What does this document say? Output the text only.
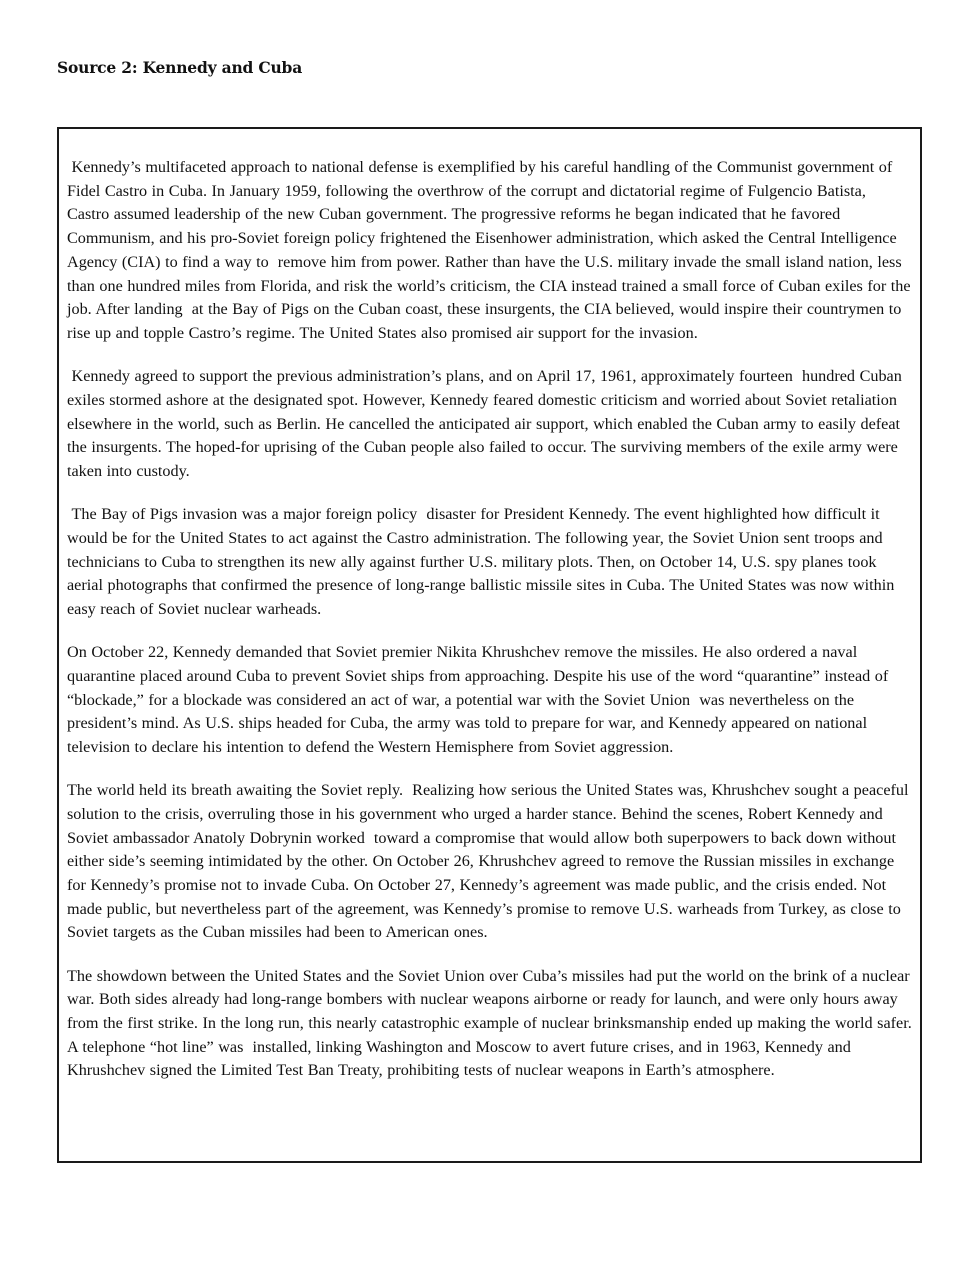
Source 2: Kennedy and Cuba

Kennedy’s multifaceted approach to national defense is exemplified by his careful handling of the Communist government of Fidel Castro in Cuba. In January 1959, following the overthrow of the corrupt and dictatorial regime of Fulgencio Batista, Castro assumed leadership of the new Cuban government. The progressive reforms he began indicated that he favored Communism, and his pro-Soviet foreign policy frightened the Eisenhower administration, which asked the Central Intelligence Agency (CIA) to find a way to  remove him from power. Rather than have the U.S. military invade the small island nation, less than one hundred miles from Florida, and risk the world’s criticism, the CIA instead trained a small force of Cuban exiles for the job. After landing  at the Bay of Pigs on the Cuban coast, these insurgents, the CIA believed, would inspire their countrymen to rise up and topple Castro’s regime. The United States also promised air support for the invasion.

Kennedy agreed to support the previous administration’s plans, and on April 17, 1961, approximately fourteen  hundred Cuban exiles stormed ashore at the designated spot. However, Kennedy feared domestic criticism and worried about Soviet retaliation elsewhere in the world, such as Berlin. He cancelled the anticipated air support, which enabled the Cuban army to easily defeat the insurgents. The hoped-for uprising of the Cuban people also failed to occur. The surviving members of the exile army were taken into custody.

The Bay of Pigs invasion was a major foreign policy  disaster for President Kennedy. The event highlighted how difficult it would be for the United States to act against the Castro administration. The following year, the Soviet Union sent troops and technicians to Cuba to strengthen its new ally against further U.S. military plots. Then, on October 14, U.S. spy planes took aerial photographs that confirmed the presence of long-range ballistic missile sites in Cuba. The United States was now within easy reach of Soviet nuclear warheads.

On October 22, Kennedy demanded that Soviet premier Nikita Khrushchev remove the missiles. He also ordered a naval quarantine placed around Cuba to prevent Soviet ships from approaching. Despite his use of the word “quarantine” instead of “blockade,” for a blockade was considered an act of war, a potential war with the Soviet Union  was nevertheless on the president’s mind. As U.S. ships headed for Cuba, the army was told to prepare for war, and Kennedy appeared on national television to declare his intention to defend the Western Hemisphere from Soviet aggression.

The world held its breath awaiting the Soviet reply.  Realizing how serious the United States was, Khrushchev sought a peaceful solution to the crisis, overruling those in his government who urged a harder stance. Behind the scenes, Robert Kennedy and Soviet ambassador Anatoly Dobrynin worked  toward a compromise that would allow both superpowers to back down without either side’s seeming intimidated by the other. On October 26, Khrushchev agreed to remove the Russian missiles in exchange for Kennedy’s promise not to invade Cuba. On October 27, Kennedy’s agreement was made public, and the crisis ended. Not made public, but nevertheless part of the agreement, was Kennedy’s promise to remove U.S. warheads from Turkey, as close to Soviet targets as the Cuban missiles had been to American ones.

The showdown between the United States and the Soviet Union over Cuba’s missiles had put the world on the brink of a nuclear war. Both sides already had long-range bombers with nuclear weapons airborne or ready for launch, and were only hours away from the first strike. In the long run, this nearly catastrophic example of nuclear brinksmanship ended up making the world safer. A telephone “hot line” was  installed, linking Washington and Moscow to avert future crises, and in 1963, Kennedy and Khrushchev signed the Limited Test Ban Treaty, prohibiting tests of nuclear weapons in Earth’s atmosphere.
